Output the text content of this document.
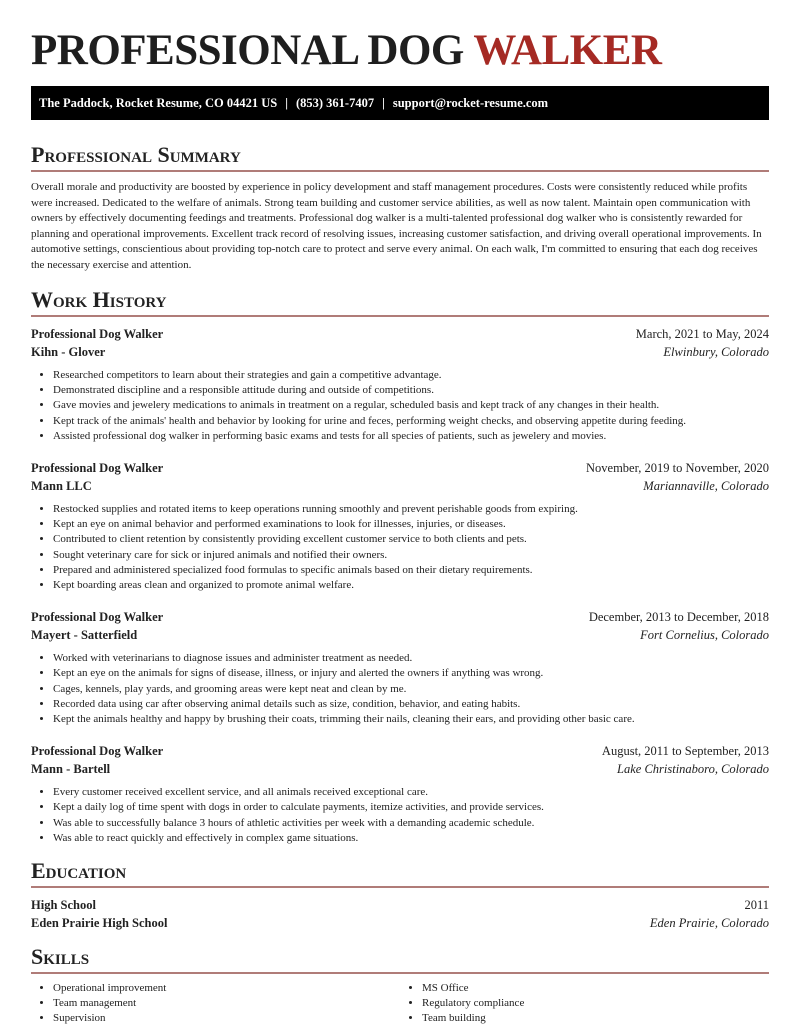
PROFESSIONAL DOG WALKER
The Paddock, Rocket Resume, CO 04421 US | (853) 361-7407 | support@rocket-resume.com
Professional Summary

Overall morale and productivity are boosted by experience in policy development and staff management procedures. Costs were consistently reduced while profits were increased. Dedicated to the welfare of animals. Strong team building and customer service abilities, as well as now talent. Maintain open communication with owners by effectively documenting feedings and treatments. Professional dog walker is a multi-talented professional dog walker who is consistently rewarded for planning and operational improvements. Excellent track record of resolving issues, increasing customer satisfaction, and driving overall operational improvements. In automotive settings, conscientious about providing top-notch care to protect and serve every animal. On each walk, I'm committed to ensuring that each dog receives the necessary exercise and attention.

Work History
Professional Dog Walker	March, 2021 to May, 2024
Kihn - Glover	Elwinbury, Colorado
• Researched competitors to learn about their strategies and gain a competitive advantage.
• Demonstrated discipline and a responsible attitude during and outside of competitions.
• Gave movies and jewelery medications to animals in treatment on a regular, scheduled basis and kept track of any changes in their health.
• Kept track of the animals' health and behavior by looking for urine and feces, performing weight checks, and observing appetite during feeding.
• Assisted professional dog walker in performing basic exams and tests for all species of patients, such as jewelery and movies.
Professional Dog Walker	November, 2019 to November, 2020
Mann LLC	Mariannaville, Colorado
• Restocked supplies and rotated items to keep operations running smoothly and prevent perishable goods from expiring.
• Kept an eye on animal behavior and performed examinations to look for illnesses, injuries, or diseases.
• Contributed to client retention by consistently providing excellent customer service to both clients and pets.
• Sought veterinary care for sick or injured animals and notified their owners.
• Prepared and administered specialized food formulas to specific animals based on their dietary requirements.
• Kept boarding areas clean and organized to promote animal welfare.
Professional Dog Walker	December, 2013 to December, 2018
Mayert - Satterfield	Fort Cornelius, Colorado
• Worked with veterinarians to diagnose issues and administer treatment as needed.
• Kept an eye on the animals for signs of disease, illness, or injury and alerted the owners if anything was wrong.
• Cages, kennels, play yards, and grooming areas were kept neat and clean by me.
• Recorded data using car after observing animal details such as size, condition, behavior, and eating habits.
• Kept the animals healthy and happy by brushing their coats, trimming their nails, cleaning their ears, and providing other basic care.
Professional Dog Walker	August, 2011 to September, 2013
Mann - Bartell	Lake Christinaboro, Colorado
• Every customer received excellent service, and all animals received exceptional care.
• Kept a daily log of time spent with dogs in order to calculate payments, itemize activities, and provide services.
• Was able to successfully balance 3 hours of athletic activities per week with a demanding academic schedule.
• Was able to react quickly and effectively in complex game situations.
Education
High School	2011
Eden Prairie High School	Eden Prairie, Colorado
Skills
• Operational improvement
• Team management
• Supervision
• MS Office
• Regulatory compliance
• Team building
